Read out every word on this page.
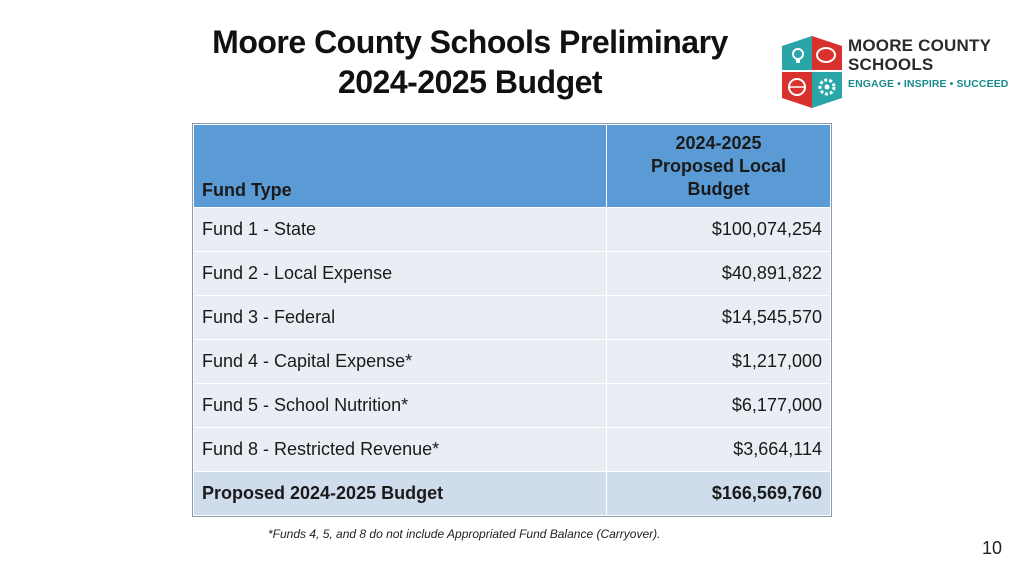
Moore County Schools Preliminary
2024-2025 Budget
MOORE COUNTY
SCHOOLS
ENGAGE • INSPIRE • SUCCEED
Fund Type	2024-2025
Proposed Local
Budget

Fund 1 - State	$100,074,254
Fund 2 - Local Expense	$40,891,822
Fund 3 - Federal	$14,545,570
Fund 4 - Capital Expense*	$1,217,000
Fund 5 - School Nutrition*	$6,177,000
Fund 8 - Restricted Revenue*	$3,664,114
Proposed 2024-2025 Budget	$166,569,760
*Funds 4, 5, and 8 do not include Appropriated Fund Balance (Carryover).
10
